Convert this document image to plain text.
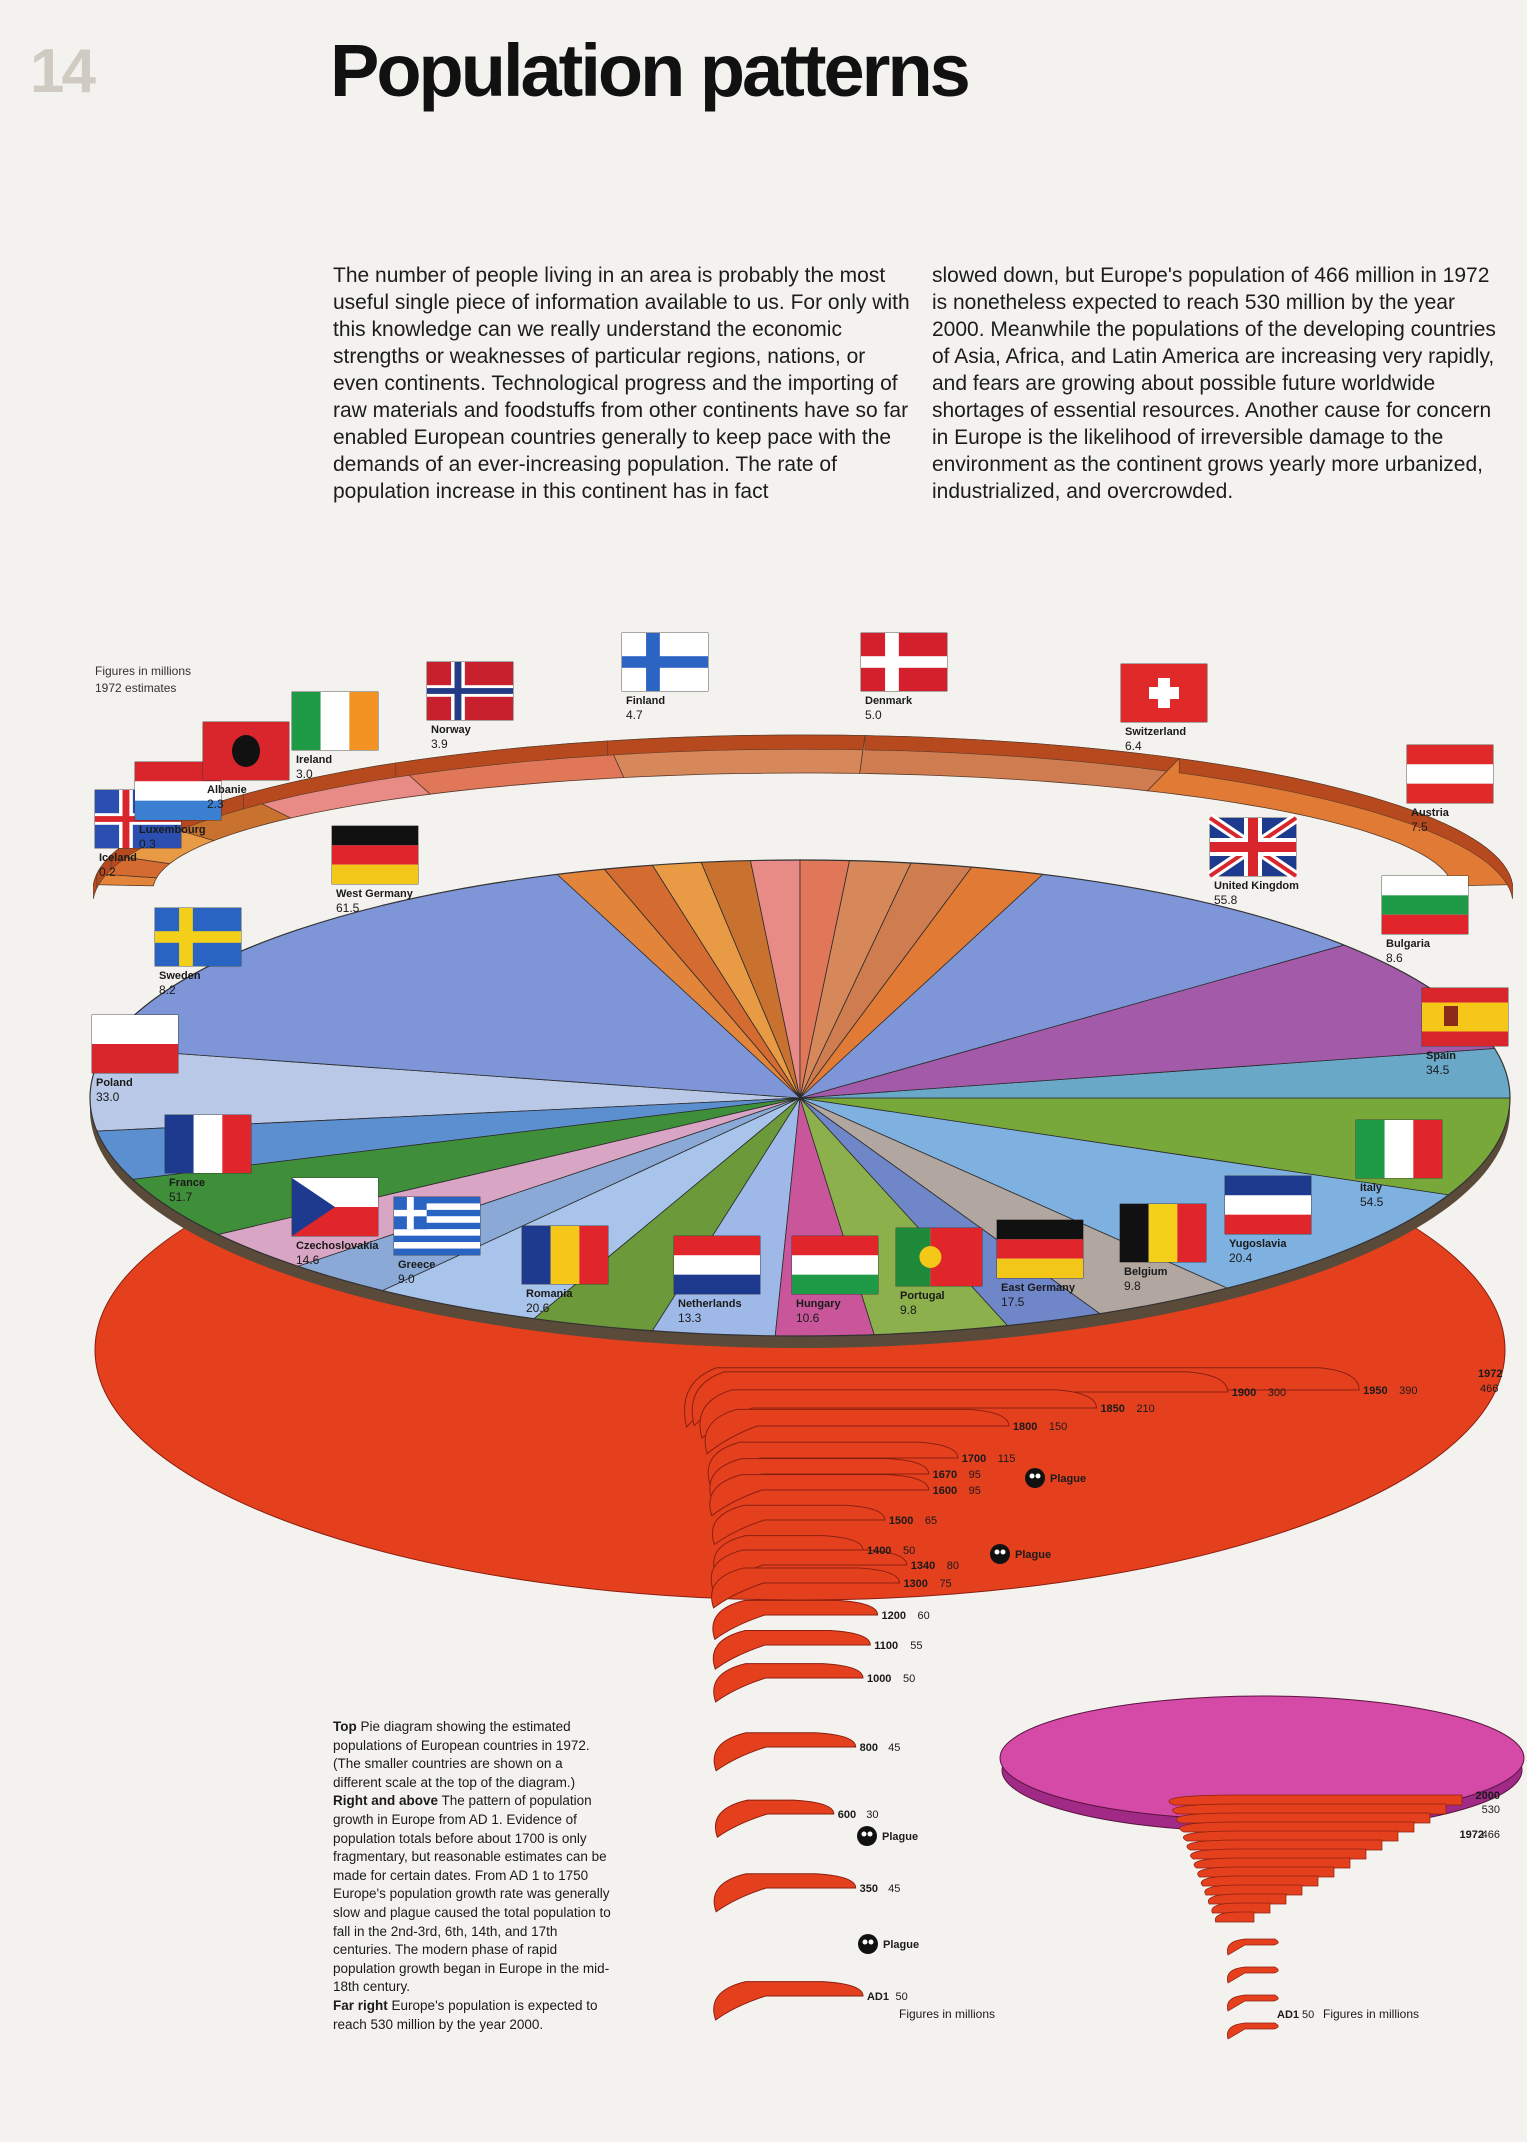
14	Population patterns

The number of people living in an area is probably the most useful single piece of information available to us. For only with this knowledge can we really understand the economic strengths or weaknesses of particular regions, nations, or even continents. Technological progress and the importing of raw materials and foodstuffs from other continents have so far enabled European countries generally to keep pace with the demands of an ever-increasing population. The rate of population increase in this continent has in fact

slowed down, but Europe's population of 466 million in 1972 is nonetheless expected to reach 530 million by the year 2000. Meanwhile the populations of the developing countries of Asia, Africa, and Latin America are increasing very rapidly, and fears are growing about possible future worldwide shortages of essential resources. Another cause for concern in Europe is the likelihood of irreversible damage to the environment as the continent grows yearly more urbanized, industrialized, and overcrowded.

Sweden
8.2
Poland
33.0
France
51.7
Czechoslovakia
14.6	Greece
9.0
Romania
20.6	Netherlands
13.3
Hungary
10.6
Portugal
9.8
East Germany
17.5
Belgium
9.8
Yugoslavia
20.4
Italy
54.5
Spain
34.5
Bulgaria
8.6
United Kingdom
55.8
West Germany
61.5
Iceland
0.2
Luxembourg
0.3
Albanie
2.3
Ireland
3.0
Norway
3.9
Finland
4.7
Denmark
5.0
Switzerland
6.4
Austria
7.5
Figures in millions
1972 estimates
1972
466
1950 390
1900 300
1850 210
1800 150
1700 115
1670 95
1600 95
1500 65
1400 50
1340 80
1300 75
1200 60
1100 55
1000 50
800 45
600 30
350 45
AD1 50
Plague
Plague
Plague
Plague
Figures in millions
2000
530
1972
466
AD1 50 Figures in millions

Top Pie diagram showing the estimated populations of European countries in 1972. (The smaller countries are shown on a different scale at the top of the diagram.)

Right and above The pattern of population growth in Europe from AD 1. Evidence of population totals before about 1700 is only fragmentary, but reasonable estimates can be made for certain dates. From AD 1 to 1750 Europe's population growth rate was generally slow and plague caused the total population to fall in the 2nd-3rd, 6th, 14th, and 17th centuries. The modern phase of rapid population growth began in Europe in the mid-18th century.

Far right Europe's population is expected to reach 530 million by the year 2000.
